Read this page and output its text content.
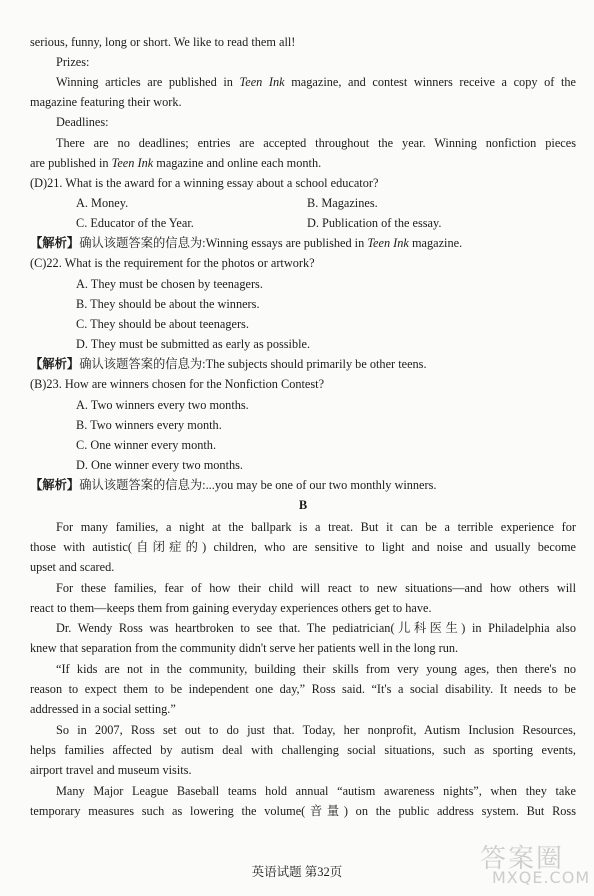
serious, funny, long or short. We like to read them all!
Prizes:
Winning articles are published in Teen Ink magazine, and contest winners receive a copy of the
magazine featuring their work.
Deadlines:
There are no deadlines; entries are accepted throughout the year. Winning nonfiction pieces
are published in Teen Ink magazine and online each month.
(D)21. What is the award for a winning essay about a school educator?
A. Money.	B. Magazines.
C. Educator of the Year.	D. Publication of the essay.
【解析】确认该题答案的信息为:Winning essays are published in Teen Ink magazine.
(C)22. What is the requirement for the photos or artwork?
A. They must be chosen by teenagers.
B. They should be about the winners.
C. They should be about teenagers.
D. They must be submitted as early as possible.
【解析】确认该题答案的信息为:The subjects should primarily be other teens.
(B)23. How are winners chosen for the Nonfiction Contest?
A. Two winners every two months.
B. Two winners every month.
C. One winner every month.
D. One winner every two months.
【解析】确认该题答案的信息为:...you may be one of our two monthly winners.
B
For many families, a night at the ballpark is a treat. But it can be a terrible experience for
those with autistic(自闭症的) children, who are sensitive to light and noise and usually become
upset and scared.
For these families, fear of how their child will react to new situations—and how others will
react to them—keeps them from gaining everyday experiences others get to have.
Dr. Wendy Ross was heartbroken to see that. The pediatrician(儿科医生) in Philadelphia also
knew that separation from the community didn't serve her patients well in the long run.
“If kids are not in the community, building their skills from very young ages, then there's no
reason to expect them to be independent one day,” Ross said. “It's a social disability. It needs to be
addressed in a social setting.”
So in 2007, Ross set out to do just that. Today, her nonprofit, Autism Inclusion Resources,
helps families affected by autism deal with challenging social situations, such as sporting events,
airport travel and museum visits.
Many Major League Baseball teams hold annual “autism awareness nights”, when they take
temporary measures such as lowering the volume(音量) on the public address system. But Ross
英语试题 第32页	答案圈
MXQE.COM
